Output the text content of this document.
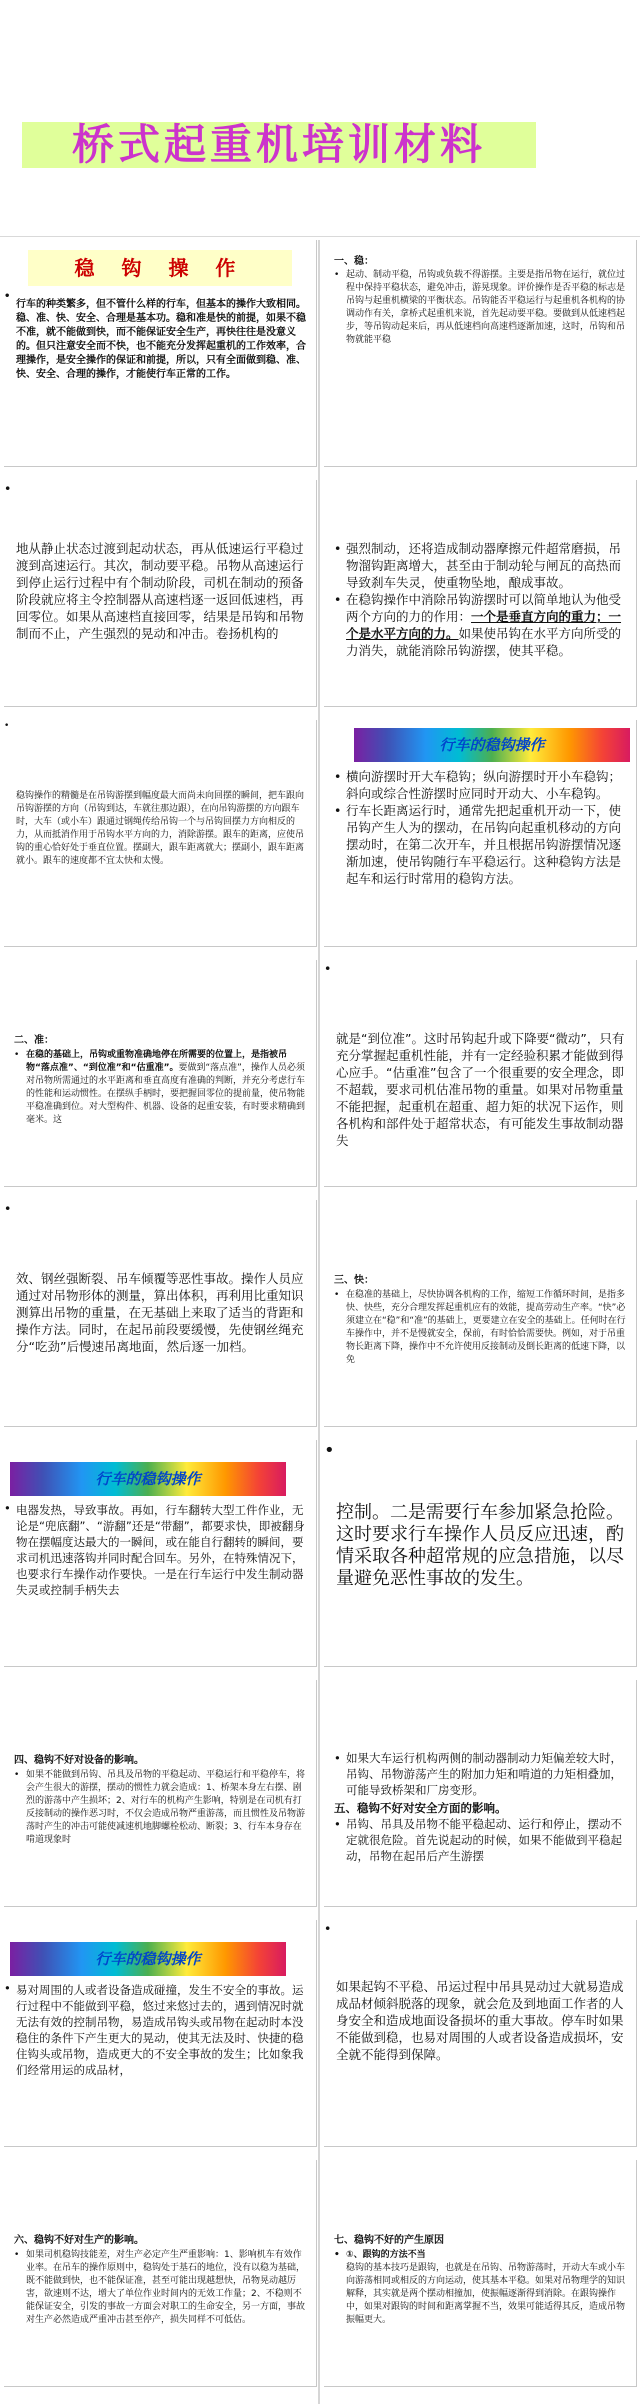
桥式起重机培训材料
稳 钩 操 作
• 行车的种类繁多，但不管什么样的行车，但基本的操作大致相同。稳、准、快、安全、合理是基本功。稳和准是快的前提，如果不稳不准，就不能做到快，而不能保证安全生产，再快往往是没意义的。但只注意安全而不快，也不能充分发挥起重机的工作效率，合理操作，是安全操作的保证和前提，所以，只有全面做到稳、准、快、安全、合理的操作，才能使行车正常的工作。
一、稳：
• 起动、制动平稳，吊钩或负载不得游摆。主要是指吊物在运行，就位过程中保持平稳状态，避免冲击，游晃现象。评价操作是否平稳的标志是吊钩与起重机横梁的平衡状态。吊钩能否平稳运行与起重机各机构的协调动作有关，拿桥式起重机来说，首先起动要平稳。要做到从低速档起步，等吊钩动起来后，再从低速档向高速档逐渐加速，这时，吊钩和吊物就能平稳
• 地从静止状态过渡到起动状态，再从低速运行平稳过渡到高速运行。其次，制动要平稳。吊物从高速运行到停止运行过程中有个制动阶段，司机在制动的预备阶段就应将主令控制器从高速档逐一返回低速档，再回零位。如果从高速档直接回零，结果是吊钩和吊物制而不止，产生强烈的晃动和冲击。卷扬机构的
• 强烈制动，还将造成制动器摩擦元件超常磨损，吊物溜钩距离增大，甚至由于制动轮与闸瓦的高热而导致刹车失灵，使重物坠地，酿成事故。
• 在稳钩操作中消除吊钩游摆时可以简单地认为他受两个方向的力的作用：一个是垂直方向的重力；一个是水平方向的力。如果使吊钩在水平方向所受的力消失，就能消除吊钩游摆，使其平稳。
• 稳钩操作的精髓是在吊钩游摆到幅度最大而尚未向回摆的瞬间，把车跟向吊钩游摆的方向（吊钩到达，车就往那边跟），在向吊钩游摆的方向跟车时，大车（或小车）跟通过钢绳传给吊钩一个与吊钩回摆力方向相反的力，从而抵消作用于吊钩水平方向的力，消除游摆。跟车的距离，应使吊钩的重心恰好处于垂直位置。摆副大，跟车距离就大；摆副小，跟车距离就小。跟车的速度都不宜太快和太慢。
行车的稳钩操作
• 横向游摆时开大车稳钩；纵向游摆时开小车稳钩；斜向或综合性游摆时应同时开动大、小车稳钩。
• 行车长距离运行时，通常先把起重机开动一下，使吊钩产生人为的摆动，在吊钩向起重机移动的方向摆动时，在第二次开车，并且根据吊钩游摆情况逐渐加速，使吊钩随行车平稳运行。这种稳钩方法是起车和运行时常用的稳钩方法。
二、准：
• 在稳的基础上，吊钩或重物准确地停在所需要的位置上，是指被吊物“落点准”、“到位准”和“估重准”。要做到“落点准”，操作人员必须对吊物所需通过的水平距离和垂直高度有准确的判断，并充分考虑行车的性能和运动惯性。在摆纵手柄时，要把握回零位的提前量，使吊物能平稳准确到位。对大型构件、机器、设备的起重安装，有时要求精确到毫米。这
• 就是“到位准”。这时吊钩起升或下降要“微动”，只有充分掌握起重机性能，并有一定经验积累才能做到得心应手。“估重准”包含了一个很重要的安全理念，即不超载，要求司机估准吊物的重量。如果对吊物重量不能把握，起重机在超重、超力矩的状况下运作，则各机构和部件处于超常状态，有可能发生事故制动器失
• 效、钢丝强断裂、吊车倾覆等恶性事故。操作人员应通过对吊物形体的测量，算出体积，再利用比重知识测算出吊物的重量，在无基础上来取了适当的背距和操作方法。同时，在起吊前段要缓慢，先使钢丝绳充分“吃劲”后慢速吊离地面，然后逐一加档。
三、快：
• 在稳准的基础上，尽快协调各机构的工作，缩短工作循环时间，是指多快、快些，充分合理发挥起重机应有的效能，提高劳动生产率。“快”必须建立在“稳”和“准”的基础上，更要建立在安全的基础上。任何时在行车操作中，并不是慢就安全，保前，有时恰恰需要快。例如，对于吊重物长距离下降，操作中不允许使用反接制动及倒长距离的低速下降，以免
行车的稳钩操作
• 电器发热，导致事故。再如，行车翻转大型工件作业，无论是“兜底翻”、“游翻”还是“带翻”，都要求快，即被翻身物在摆幅度达最大的一瞬间，或在能自行翻转的瞬间，要求司机迅速落钩并同时配合回车。另外，在特殊情况下，也要求行车操作动作要快。一是在行车运行中发生制动器失灵或控制手柄失去
• 控制。二是需要行车参加紧急抢险。这时要求行车操作人员反应迅速，酌情采取各种超常规的应急措施，以尽量避免恶性事故的发生。
四、稳钩不好对设备的影响。
• 如果不能做到吊钩、吊具及吊物的平稳起动、平稳运行和平稳停车，将会产生很大的游摆，摆动的惯性力就会造成：1、桥架本身左右摆、剧烈的游荡中产生损坏；2、对行车的机构产生影响，特别是在司机有打反接制动的操作恶习时，不仅会造成吊物严重游荡，而且惯性及吊物游荡时产生的冲击可能使减速机地脚螺栓松动、断裂；3、行车本身存在啃道现象时
• 如果大车运行机构两侧的制动器制动力矩偏差较大时，吊钩、吊物游荡产生的附加力矩和啃道的力矩相叠加，可能导致桥架和厂房变形。
五、稳钩不好对安全方面的影响。
• 吊钩、吊具及吊物不能平稳起动、运行和停止，摆动不定就很危险。首先说起动的时候，如果不能做到平稳起动，吊物在起吊后产生游摆
行车的稳钩操作
• 易对周围的人或者设备造成碰撞，发生不安全的事故。运行过程中不能做到平稳，悠过来悠过去的，遇到情况时就无法有效的控制吊物，易造成吊钩头或吊物在起动时本没稳住的条件下产生更大的晃动，使其无法及时、快捷的稳住钩头或吊物，造成更大的不安全事故的发生；比如象我们经常用运的成品材，
• 如果起钩不平稳、吊运过程中吊具晃动过大就易造成成品材倾斜脱落的现象，就会危及到地面工作者的人身安全和造成地面设备损坏的重大事故。停车时如果不能做到稳，也易对周围的人或者设备造成损坏，安全就不能得到保障。
六、稳钩不好对生产的影响。
• 如果司机稳钩技能差，对生产必定产生严重影响：1、影响机车有效作业率。在吊车的操作原则中，稳钩处于基石的地位，没有以稳为基础，既不能做到快，也不能保证准，甚至可能出现越想快，吊物晃动越厉害，欲速则不达，增大了单位作业时间内的无效工作量；2、不稳则不能保证安全，引发的事故一方面会对职工的生命安全，另一方面，事故对生产必然造成严重冲击甚至停产，损失同样不可低估。
七、稳钩不好的产生原因
• ①、跟钩的方法不当
稳钩的基本技巧是跟钩，也就是在吊钩、吊物游荡时，开动大车或小车向游荡相同或相反的方向运动，使其基本平稳。如果对吊物理学的知识解释，其实就是两个摆动相撞加，使振幅逐渐得到消除。在跟钩操作中，如果对跟钩的时间和距离掌握不当，效果可能适得其反，造成吊物振幅更大。
